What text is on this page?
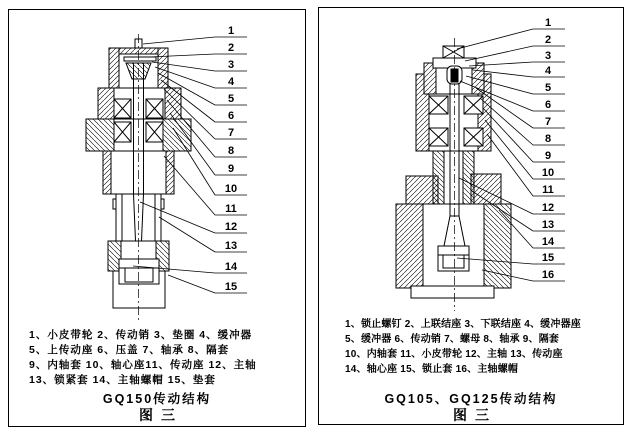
1
2
3
4
5
6
7
8
9
10
11
12
13
14
15
1、小皮带轮 2、传动销 3、垫圈 4、缓冲器
5、上传动座 6、压盖 7、轴承 8、隔套
9、内轴套 10、轴心座11、传动座 12、主轴
13、锁紧套 14、主轴螺帽 15、垫套
GQ150传动结构
图三
1
2
3
4
5
6
7
8
9
10
11
12
13
14
15
16
1、锁止螺钉 2、上联结座 3、下联结座 4、缓冲器座
5、缓冲器 6、传动销 7、螺母 8、轴承 9、隔套
10、内轴套 11、小皮带轮 12、主轴 13、传动座
14、轴心座 15、锁止套 16、主轴螺帽
GQ105、GQ125传动结构
图三
